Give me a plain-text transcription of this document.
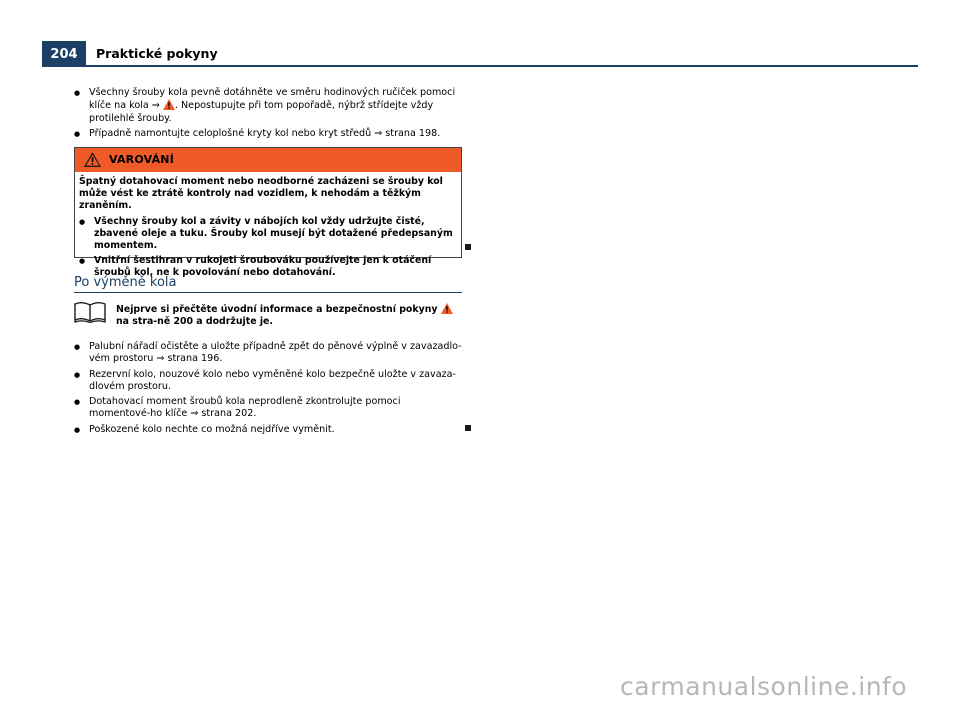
204	Praktické pokyny
● Všechny šrouby kola pevně dotáhněte ve směru hodinových ručiček pomoci klíče na kola ⇒ . Nepostupujte při tom popořadě, nýbrž střídejte vždy protilehlé šrouby.
● Případně namontujte celoplošné kryty kol nebo kryt středů ⇒ strana 198.
VAROVÁNÍ
Špatný dotahovací moment nebo neodborné zacházeni se šrouby kol může vést ke ztrátě kontroly nad vozidlem, k nehodám a těžkým zraněním.
● Všechny šrouby kol a závity v nábojích kol vždy udržujte čisté, zbavené oleje a tuku. Šrouby kol musejí být dotažené předepsaným momentem.
● Vnitřní šestihran v rukojeti šroubováku používejte jen k otáčení šroubů kol, ne k povolování nebo dotahování.
Po výměně kola
Nejprve si přečtěte úvodní informace a bezpečnostní pokyny  na stra-ně 200 a dodržujte je.
● Palubní nářadí očistěte a uložte případně zpět do pěnové výplně v zavazadlo-vém prostoru ⇒ strana 196.
● Rezervní kolo, nouzové kolo nebo vyměněné kolo bezpečně uložte v zavaza-dlovém prostoru.
● Dotahovací moment šroubů kola neprodleně zkontrolujte pomoci momentové-ho klíče ⇒ strana 202.
● Poškozené kolo nechte co možná nejdříve vyměnit.
carmanualsonline.info
